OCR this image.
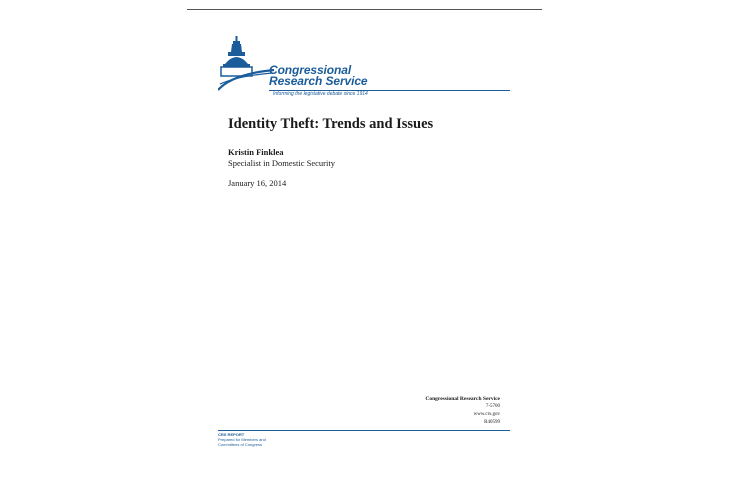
Congressional
Research Service
Informing the legislative debate since 1914
Identity Theft: Trends and Issues
Kristin Finklea
Specialist in Domestic Security
January 16, 2014
Congressional Research Service
7-5700
www.crs.gov
R40599
CRS REPORT
Prepared for Members and
Committees of Congress
